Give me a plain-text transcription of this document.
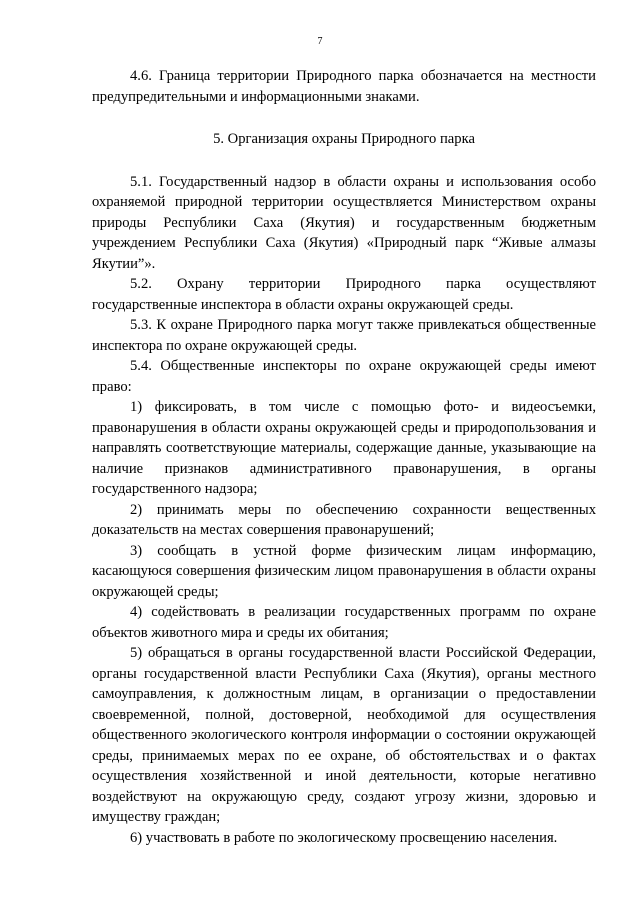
7

4.6. Граница территории Природного парка обозначается на местности предупредительными и информационными знаками.

5. Организация охраны Природного парка

5.1. Государственный надзор в области охраны и использования особо охраняемой природной территории осуществляется Министерством охраны природы Республики Саха (Якутия) и государственным бюджетным учреждением Республики Саха (Якутия) «Природный парк “Живые алмазы Якутии”».

5.2. Охрану территории Природного парка осуществляют государственные инспектора в области охраны окружающей среды.

5.3. К охране Природного парка могут также привлекаться общественные инспектора по охране окружающей среды.

5.4. Общественные инспекторы по охране окружающей среды имеют право:

1) фиксировать, в том числе с помощью фото- и видеосъемки, правонарушения в области охраны окружающей среды и природопользования и направлять соответствующие материалы, содержащие данные, указывающие на наличие признаков административного правонарушения, в органы государственного надзора;

2) принимать меры по обеспечению сохранности вещественных доказательств на местах совершения правонарушений;

3) сообщать в устной форме физическим лицам информацию, касающуюся совершения физическим лицом правонарушения в области охраны окружающей среды;

4) содействовать в реализации государственных программ по охране объектов животного мира и среды их обитания;

5) обращаться в органы государственной власти Российской Федерации, органы государственной власти Республики Саха (Якутия), органы местного самоуправления, к должностным лицам, в организации о предоставлении своевременной, полной, достоверной, необходимой для осуществления общественного экологического контроля информации о состоянии окружающей среды, принимаемых мерах по ее охране, об обстоятельствах и о фактах осуществления хозяйственной и иной деятельности, которые негативно воздействуют на окружающую среду, создают угрозу жизни, здоровью и имуществу граждан;

6) участвовать в работе по экологическому просвещению населения.
